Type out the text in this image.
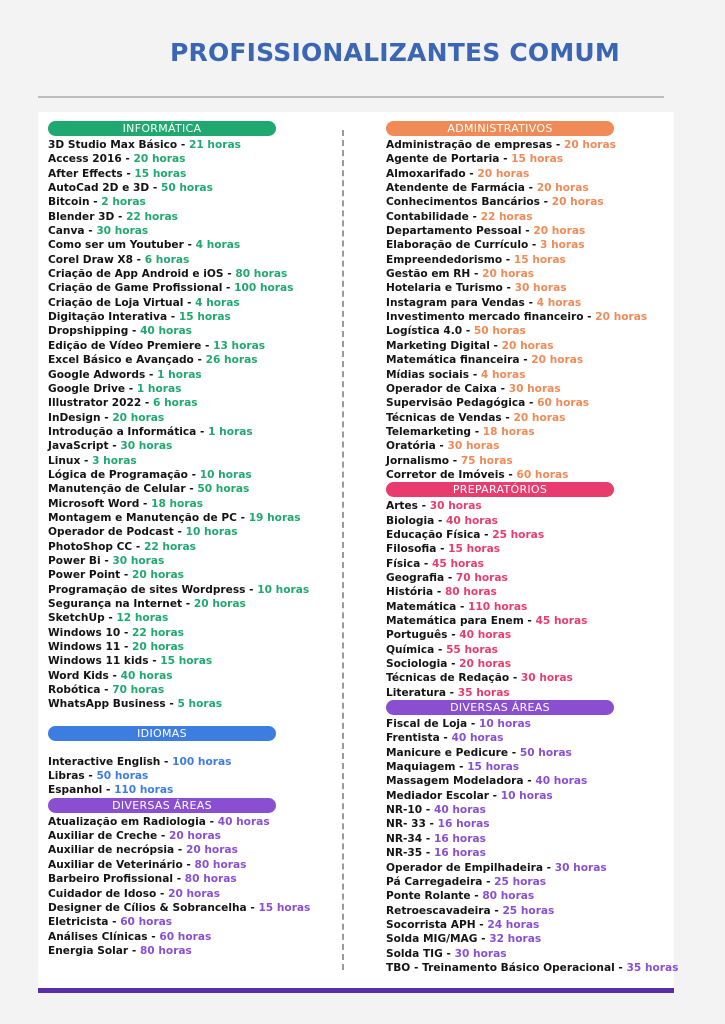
PROFISSIONALIZANTES COMUM
INFORMÁTICA
3D Studio Max Básico - 21 horas
Access 2016 - 20 horas
After Effects - 15 horas
AutoCad 2D e 3D - 50 horas
Bitcoin - 2 horas
Blender 3D - 22 horas
Canva - 30 horas
Como ser um Youtuber - 4 horas
Corel Draw X8 - 6 horas
Criação de App Android e iOS - 80 horas
Criação de Game Profissional - 100 horas
Criação de Loja Virtual - 4 horas
Digitação Interativa - 15 horas
Dropshipping - 40 horas
Edição de Vídeo Premiere - 13 horas
Excel Básico e Avançado - 26 horas
Google Adwords - 1 horas
Google Drive - 1 horas
Illustrator 2022 - 6 horas
InDesign - 20 horas
Introdução a Informática - 1 horas
JavaScript - 30 horas
Linux - 3 horas
Lógica de Programação - 10 horas
Manutenção de Celular - 50 horas
Microsoft Word - 18 horas
Montagem e Manutenção de PC - 19 horas
Operador de Podcast - 10 horas
PhotoShop CC - 22 horas
Power Bi - 30 horas
Power Point - 20 horas
Programação de sites Wordpress - 10 horas
Segurança na Internet - 20 horas
SketchUp - 12 horas
Windows 10 - 22 horas
Windows 11 - 20 horas
Windows 11 kids - 15 horas
Word Kids - 40 horas
Robótica - 70 horas
WhatsApp Business - 5 horas
IDIOMAS
Interactive English - 100 horas
Libras - 50 horas
Espanhol - 110 horas
DIVERSAS ÁREAS
Atualização em Radiologia - 40 horas
Auxiliar de Creche - 20 horas
Auxiliar de necrópsia - 20 horas
Auxiliar de Veterinário - 80 horas
Barbeiro Profissional - 80 horas
Cuidador de Idoso - 20 horas
Designer de Cílios & Sobrancelha - 15 horas
Eletricista - 60 horas
Análises Clínicas - 60 horas
Energia Solar - 80 horas
ADMINISTRATIVOS
Administração de empresas - 20 horas
Agente de Portaria - 15 horas
Almoxarifado - 20 horas
Atendente de Farmácia - 20 horas
Conhecimentos Bancários - 20 horas
Contabilidade - 22 horas
Departamento Pessoal - 20 horas
Elaboração de Currículo - 3 horas
Empreendedorismo - 15 horas
Gestão em RH - 20 horas
Hotelaria e Turismo - 30 horas
Instagram para Vendas - 4 horas
Investimento mercado financeiro - 20 horas
Logística 4.0 - 50 horas
Marketing Digital - 20 horas
Matemática financeira - 20 horas
Mídias sociais - 4 horas
Operador de Caixa - 30 horas
Supervisão Pedagógica - 60 horas
Técnicas de Vendas - 20 horas
Telemarketing - 18 horas
Oratória - 30 horas
Jornalismo - 75 horas
Corretor de Imóveis - 60 horas
PREPARATÓRIOS
Artes - 30 horas
Biologia - 40 horas
Educação Física - 25 horas
Filosofia - 15 horas
Física - 45 horas
Geografia - 70 horas
História - 80 horas
Matemática - 110 horas
Matemática para Enem - 45 horas
Português - 40 horas
Química - 55 horas
Sociologia - 20 horas
Técnicas de Redação - 30 horas
Literatura - 35 horas
DIVERSAS ÁREAS
Fiscal de Loja - 10 horas
Frentista - 40 horas
Manicure e Pedicure - 50 horas
Maquiagem - 15 horas
Massagem Modeladora - 40 horas
Mediador Escolar - 10 horas
NR-10 - 40 horas
NR- 33 - 16 horas
NR-34 - 16 horas
NR-35 - 16 horas
Operador de Empilhadeira - 30 horas
Pá Carregadeira - 25 horas
Ponte Rolante - 80 horas
Retroescavadeira - 25 horas
Socorrista APH - 24 horas
Solda MIG/MAG - 32 horas
Solda TIG - 30 horas
TBO - Treinamento Básico Operacional - 35 horas
